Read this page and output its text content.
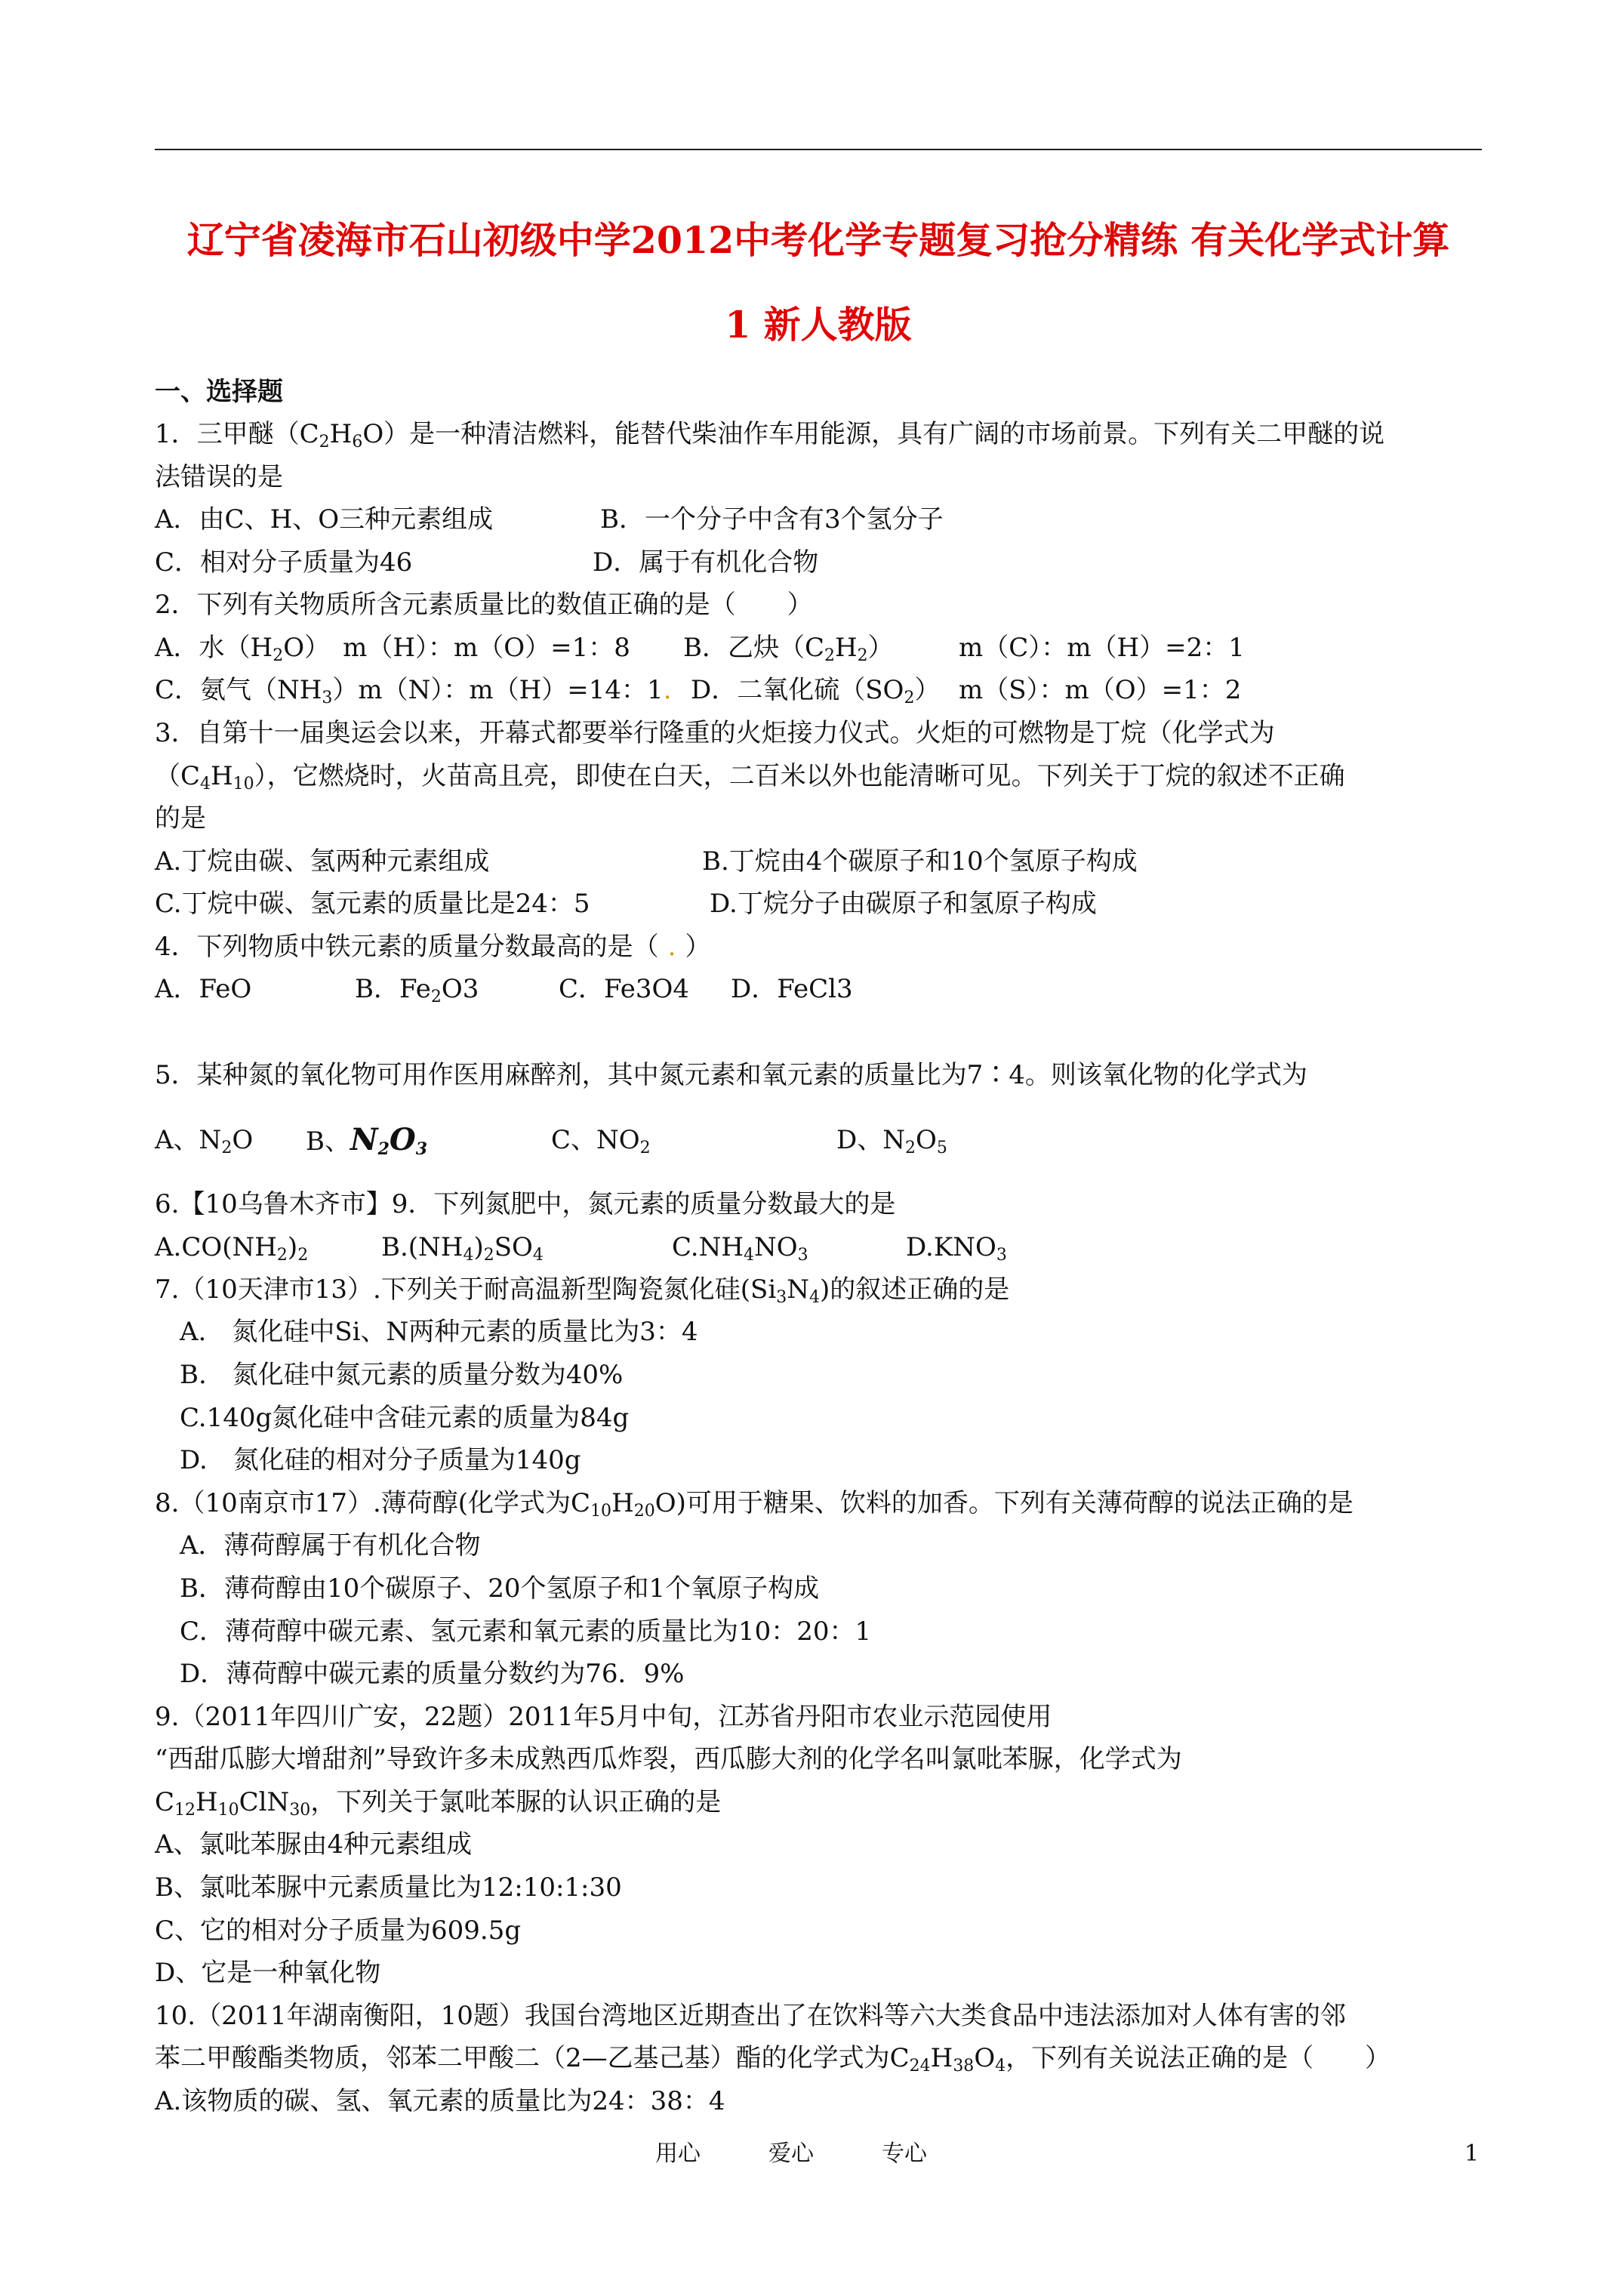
辽宁省凌海市石山初级中学2012中考化学专题复习抢分精练 有关化学式计算
1 新人教版
一、选择题
1．三甲醚$(C_2H_6O)$是一种清洁燃料，能替代柴油作车用能源，具有广阔的市场前景。下列有关二甲醚的说
法错误的是
A．由C、H、O三种元素组成	B．一个分子中含有3个氢分子
C．相对分子质量为46	D．属于有机化合物
2．下列有关物质所含元素质量比的数值正确的是（　　）
A．水$(H_2O)$　m（H）：m（O）=1：8 B．乙炔$(C_2H_2)$	m（C）：m（H）=2：1
C．氨气$(NH_3)m(N)$：m（H）=14：1. D．二氧化硫$(SO_2)$ m（S）：m（O）=1：2
3．自第十一届奥运会以来，开幕式都要举行隆重的火炬接力仪式。火炬的可燃物是丁烷（化学式为
$(C_4H_{10})$，它燃烧时，火苗高且亮，即使在白天，二百米以外也能清晰可见。下列关于丁烷的叙述不正确
的是
A.丁烷由碳、氢两种元素组成	B.丁烷由4个碳原子和10个氢原子构成
C.丁烷中碳、氢元素的质量比是24：5	D.丁烷分子由碳原子和氢原子构成
4．下列物质中铁元素的质量分数最高的是（ . ）
A．FeO	B．$Fe_2O3$	C．Fe3O4 D．FeCl3
5．某种氮的氧化物可用作医用麻醉剂，其中氮元素和氧元素的质量比为7∶4。则该氧化物的化学式为
A、$N_2O$ B、$N_2O_3$	C、$NO_2$	D、$N_2O_5$
6.【10乌鲁木齐市】9．下列氮肥中，氮元素的质量分数最大的是
$A.CO(NH_2)_2$	$B.(NH_4)_2SO_4$	$C.NH_4NO_3$	$D.KNO_3$
7.（10天津市13）.下列关于耐高温新型陶瓷氮化硅$(Si_3N_4)$的叙述正确的是
A.　氮化硅中Si、N两种元素的质量比为3：4
B.　氮化硅中氮元素的质量分数为40%
C.140g氮化硅中含硅元素的质量为84g
D.　氮化硅的相对分子质量为140g
8.（10南京市17）.薄荷醇(化学式为$C_{10}H_{20}O$)可用于糖果、饮料的加香。下列有关薄荷醇的说法正确的是
A．薄荷醇属于有机化合物
B．薄荷醇由10个碳原子、20个氢原子和1个氧原子构成
C．薄荷醇中碳元素、氢元素和氧元素的质量比为10：20：1
D．薄荷醇中碳元素的质量分数约为76．9%
9.（2011年四川广安，22题）2011年5月中旬，江苏省丹阳市农业示范园使用
“西甜瓜膨大增甜剂”导致许多未成熟西瓜炸裂，西瓜膨大剂的化学名叫氯吡苯脲，化学式为
$C_{12}H_{10}ClN_{30}$，下列关于氯吡苯脲的认识正确的是
A、氯吡苯脲由4种元素组成
B、氯吡苯脲中元素质量比为12:10:1:30
C、它的相对分子质量为609.5g
D、它是一种氧化物
10.（2011年湖南衡阳，10题）我国台湾地区近期查出了在饮料等六大类食品中违法添加对人体有害的邻
苯二甲酸酯类物质，邻苯二甲酸二（2—乙基己基）酯的化学式为$C_{24}H_{38}O_4$，下列有关说法正确的是（　　）
A.该物质的碳、氢、氧元素的质量比为24：38：4
用心	爱心	专心	1
